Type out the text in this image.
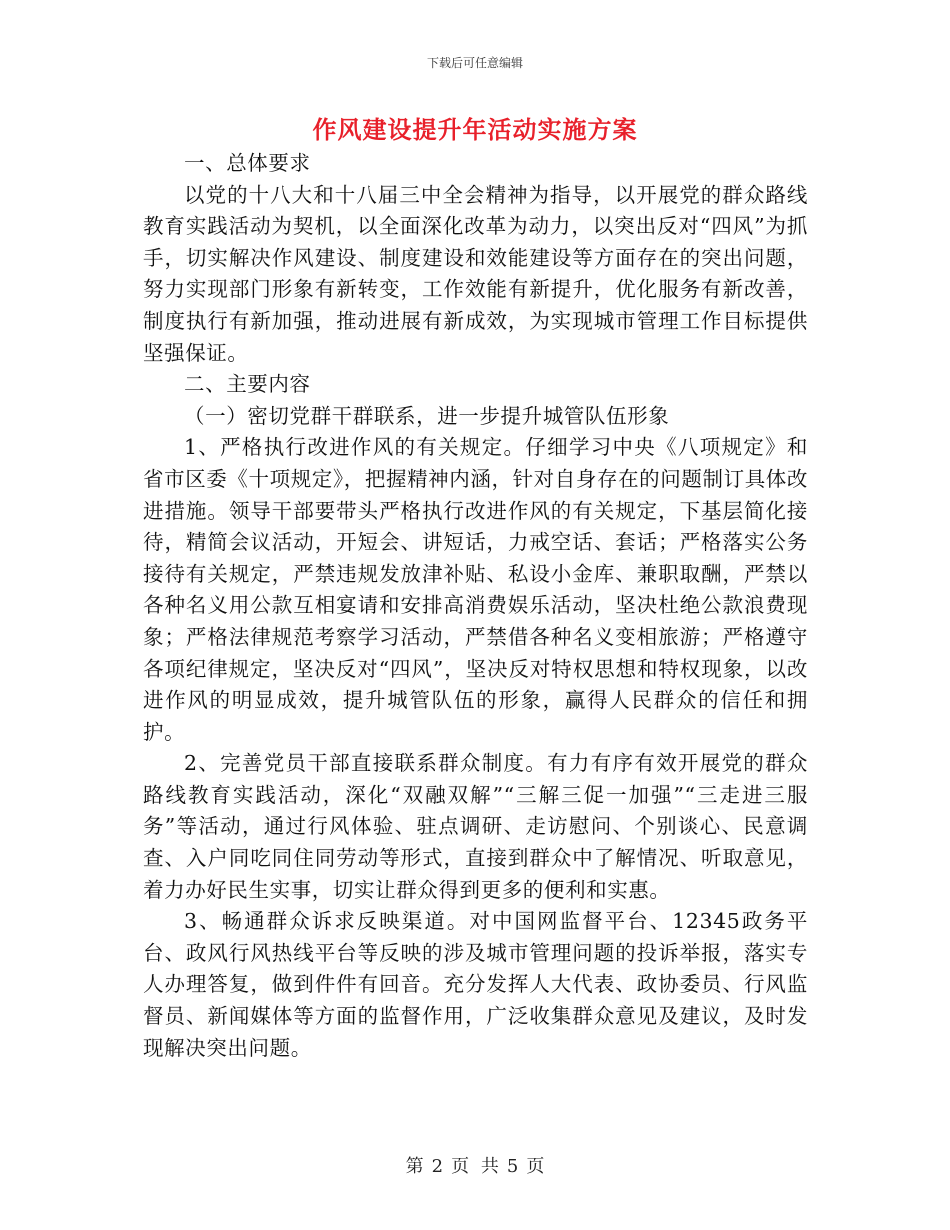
下载后可任意编辑
作风建设提升年活动实施方案

一、总体要求

以党的十八大和十八届三中全会精神为指导，以开展党的群众路线教育实践活动为契机，以全面深化改革为动力，以突出反对“四风”为抓手，切实解决作风建设、制度建设和效能建设等方面存在的突出问题，努力实现部门形象有新转变，工作效能有新提升，优化服务有新改善，制度执行有新加强，推动进展有新成效，为实现城市管理工作目标提供坚强保证。

二、主要内容

（一）密切党群干群联系，进一步提升城管队伍形象

1、严格执行改进作风的有关规定。仔细学习中央《八项规定》和省市区委《十项规定》，把握精神内涵，针对自身存在的问题制订具体改进措施。领导干部要带头严格执行改进作风的有关规定，下基层简化接待，精简会议活动，开短会、讲短话，力戒空话、套话；严格落实公务接待有关规定，严禁违规发放津补贴、私设小金库、兼职取酬，严禁以各种名义用公款互相宴请和安排高消费娱乐活动，坚决杜绝公款浪费现象；严格法律规范考察学习活动，严禁借各种名义变相旅游；严格遵守各项纪律规定，坚决反对“四风”，坚决反对特权思想和特权现象，以改进作风的明显成效，提升城管队伍的形象，赢得人民群众的信任和拥护。

2、完善党员干部直接联系群众制度。有力有序有效开展党的群众路线教育实践活动，深化“双融双解”“三解三促一加强”“三走进三服务”等活动，通过行风体验、驻点调研、走访慰问、个别谈心、民意调查、入户同吃同住同劳动等形式，直接到群众中了解情况、听取意见，着力办好民生实事，切实让群众得到更多的便利和实惠。

3、畅通群众诉求反映渠道。对中国网监督平台、12345政务平台、政风行风热线平台等反映的涉及城市管理问题的投诉举报，落实专人办理答复，做到件件有回音。充分发挥人大代表、政协委员、行风监督员、新闻媒体等方面的监督作用，广泛收集群众意见及建议，及时发现解决突出问题。

第 2 页 共 5 页
